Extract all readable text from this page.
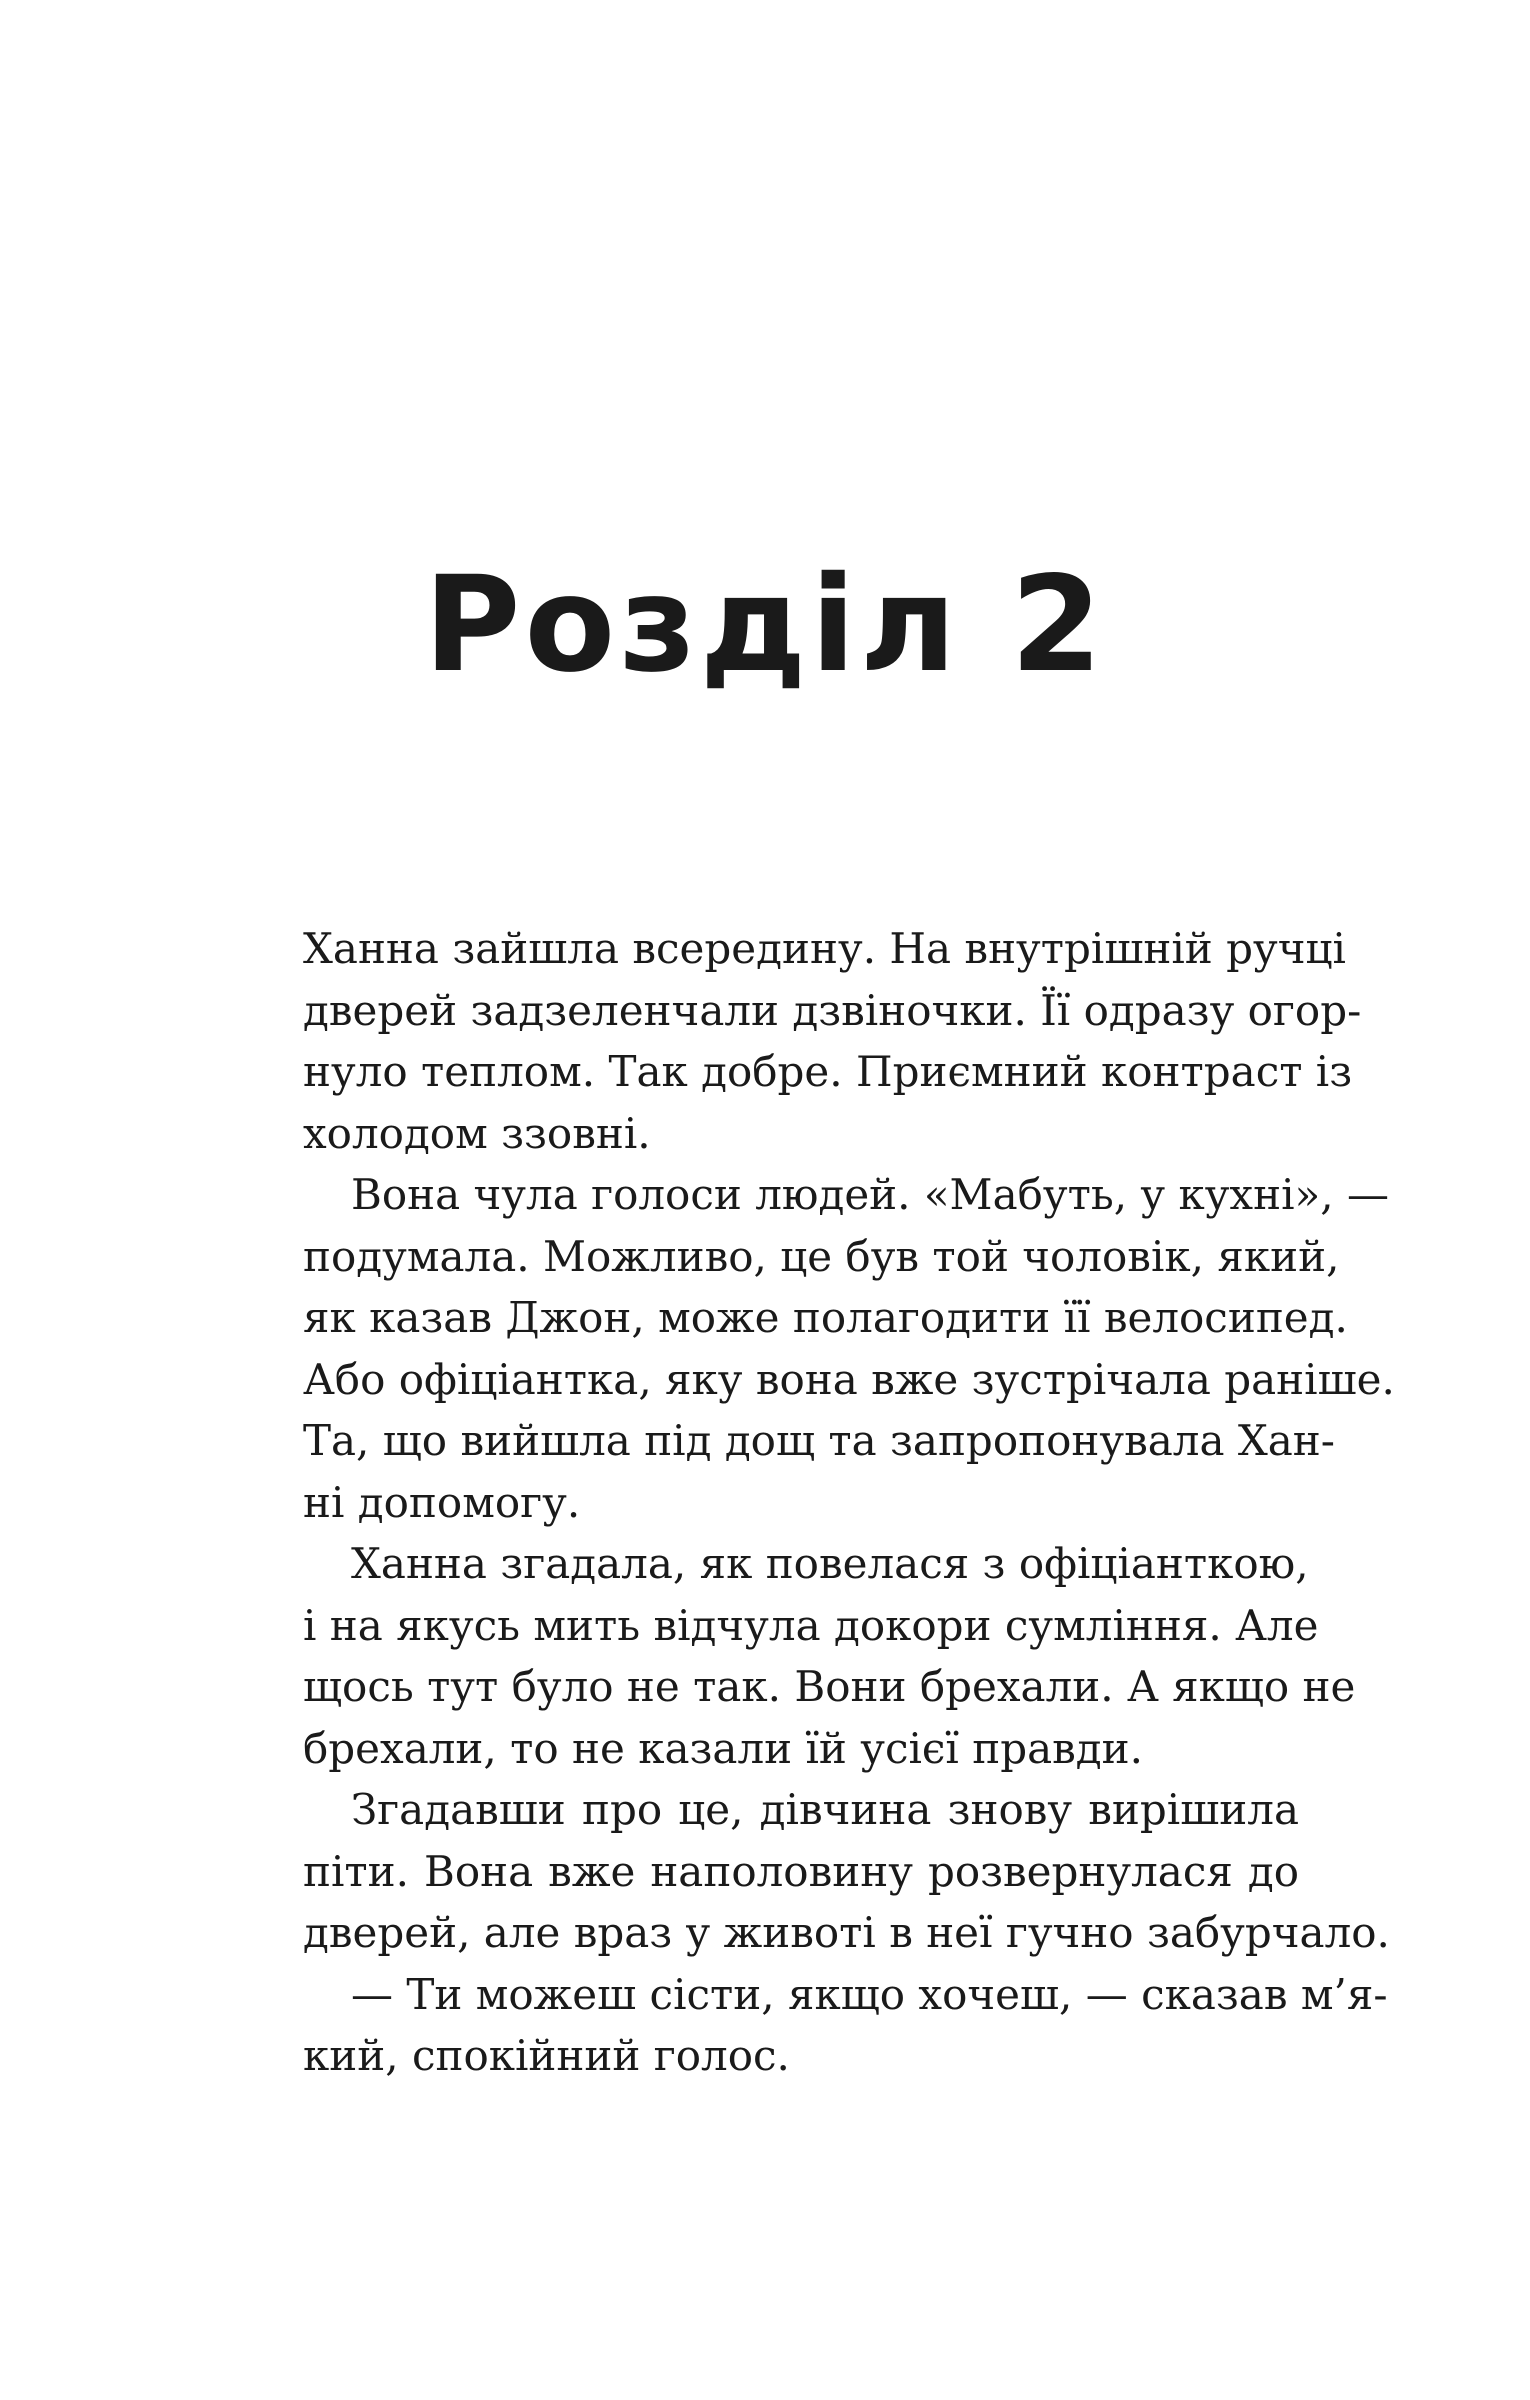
Розділ 2

Ханна зайшла всередину. На внутрішній ручці
дверей задзеленчали дзвіночки. Її одразу огор-
нуло теплом. Так добре. Приємний контраст із
холодом ззовні.

Вона чула голоси людей. «Мабуть, у кухні», —
подумала. Можливо, це був той чоловік, який,
як казав Джон, може полагодити її велосипед.
Або офіціантка, яку вона вже зустрічала раніше.
Та, що вийшла під дощ та запропонувала Хан-
ні допомогу.

Ханна згадала, як повелася з офіціанткою,
і на якусь мить відчула докори сумління. Але
щось тут було не так. Вони брехали. А якщо не
брехали, то не казали їй усієї правди.

Згадавши про це, дівчина знову вирішила
піти. Вона вже наполовину розвернулася до
дверей, але враз у животі в неї гучно забурчало.

— Ти можеш сісти, якщо хочеш, — сказав м’я-
кий, спокійний голос.
